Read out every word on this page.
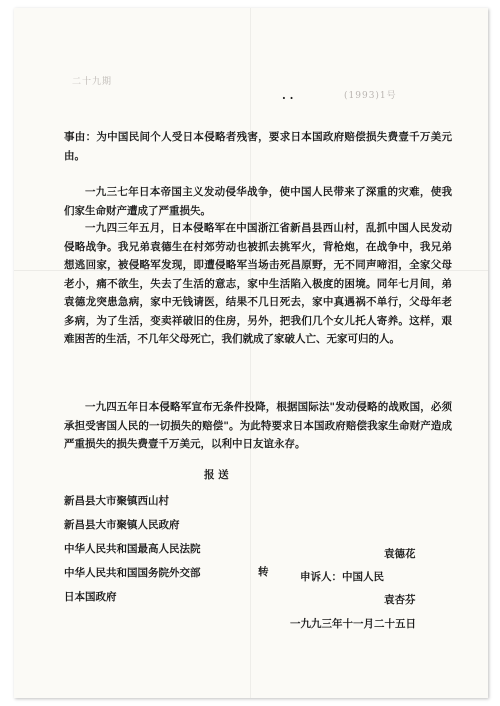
二十九期
(1993)1号

· ·

事由：为中国民间个人受日本侵略者残害，要求日本国政府赔偿损失费壹千万美元由。

一九三七年日本帝国主义发动侵华战争，使中国人民带来了深重的灾难，使我们家生命财产遭成了严重损失。

一九四三年五月，日本侵略军在中国浙江省新昌县西山村，乱抓中国人民发动侵略战争。我兄弟袁德生在村郊劳动也被抓去挑军火，背枪炮，在战争中，我兄弟想逃回家，被侵略军发现，即遭侵略军当场击死昌原野，无不同声啼泪，全家父母老小，痛不欲生，失去了生活的意志，家中生活陷入极度的困境。同年七月间，弟袁德龙突患急病，家中无钱请医，结果不几日死去，家中真遇祸不单行，父母年老多病，为了生活，变卖祥破旧的住房，另外，把我们几个女儿托人寄养。这样，艰难困苦的生活，不几年父母死亡，我们就成了家破人亡、无家可归的人。

一九四五年日本侵略军宣布无条件投降，根据国际法"发动侵略的战败国，必须承担受害国人民的一切损失的赔偿"。为此特要求日本国政府赔偿我家生命财产造成严重损失的损失费壹千万美元，以利中日友谊永存。

报 送

新昌县大市聚镇西山村

新昌县大市聚镇人民政府

中华人民共和国最高人民法院

中华人民共和国国务院外交部

日本国政府

转

袁德花

申诉人：中国人民

袁杏芬

一九九三年十一月二十五日
